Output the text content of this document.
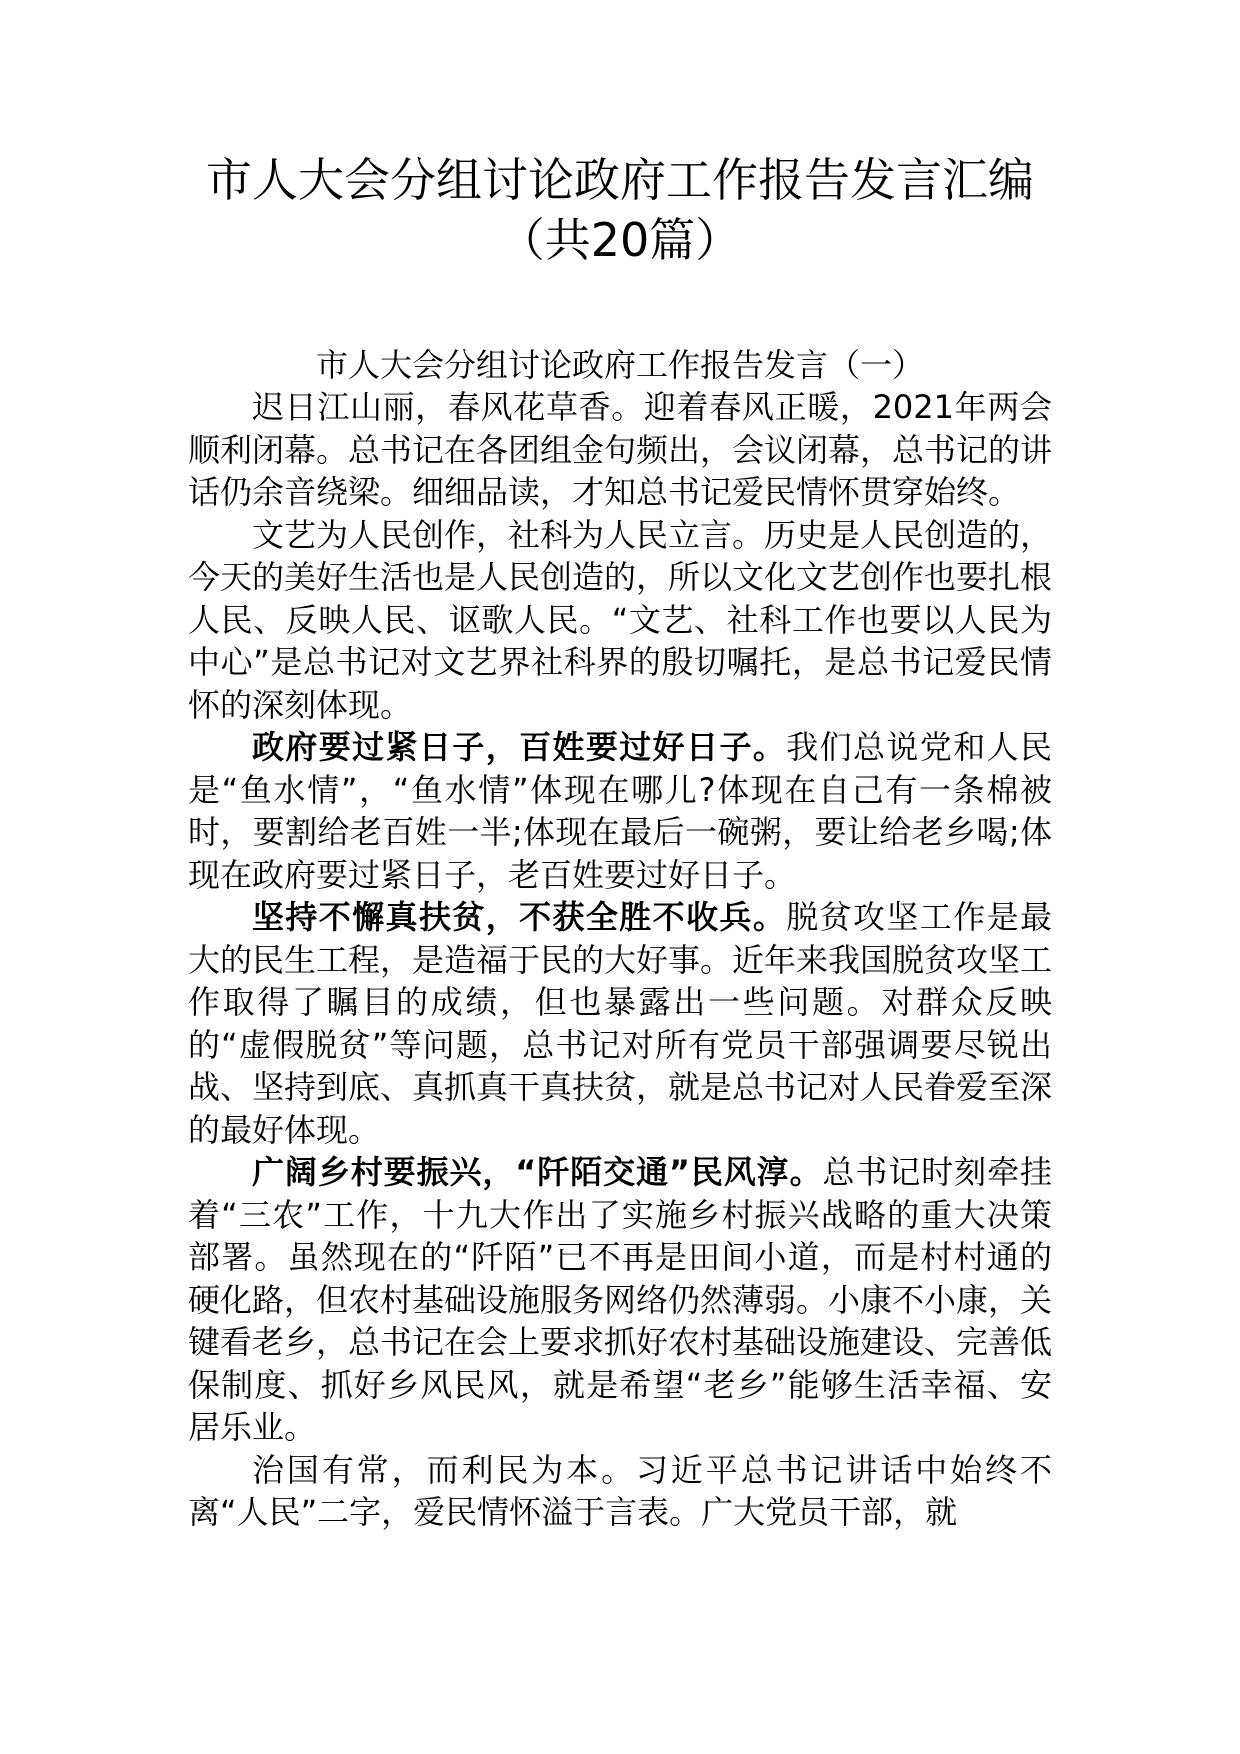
市人大会分组讨论政府工作报告发言汇编
（共20篇）
市人大会分组讨论政府工作报告发言（一）

迟日江山丽，春风花草香。迎着春风正暖，2021年两会顺利闭幕。总书记在各团组金句频出，会议闭幕，总书记的讲话仍余音绕梁。细细品读，才知总书记爱民情怀贯穿始终。

文艺为人民创作，社科为人民立言。历史是人民创造的，今天的美好生活也是人民创造的，所以文化文艺创作也要扎根人民、反映人民、讴歌人民。“文艺、社科工作也要以人民为中心”是总书记对文艺界社科界的殷切嘱托，是总书记爱民情怀的深刻体现。

政府要过紧日子，百姓要过好日子。我们总说党和人民是“鱼水情”，“鱼水情”体现在哪儿?体现在自己有一条棉被时，要割给老百姓一半;体现在最后一碗粥，要让给老乡喝;体现在政府要过紧日子，老百姓要过好日子。

坚持不懈真扶贫，不获全胜不收兵。脱贫攻坚工作是最大的民生工程，是造福于民的大好事。近年来我国脱贫攻坚工作取得了瞩目的成绩，但也暴露出一些问题。对群众反映的“虚假脱贫”等问题，总书记对所有党员干部强调要尽锐出战、坚持到底、真抓真干真扶贫，就是总书记对人民眷爱至深的最好体现。

广阔乡村要振兴，“阡陌交通”民风淳。总书记时刻牵挂着“三农”工作，十九大作出了实施乡村振兴战略的重大决策部署。虽然现在的“阡陌”已不再是田间小道，而是村村通的硬化路，但农村基础设施服务网络仍然薄弱。小康不小康，关键看老乡，总书记在会上要求抓好农村基础设施建设、完善低保制度、抓好乡风民风，就是希望“老乡”能够生活幸福、安居乐业。

治国有常，而利民为本。习近平总书记讲话中始终不离“人民”二字，爱民情怀溢于言表。广大党员干部，就
